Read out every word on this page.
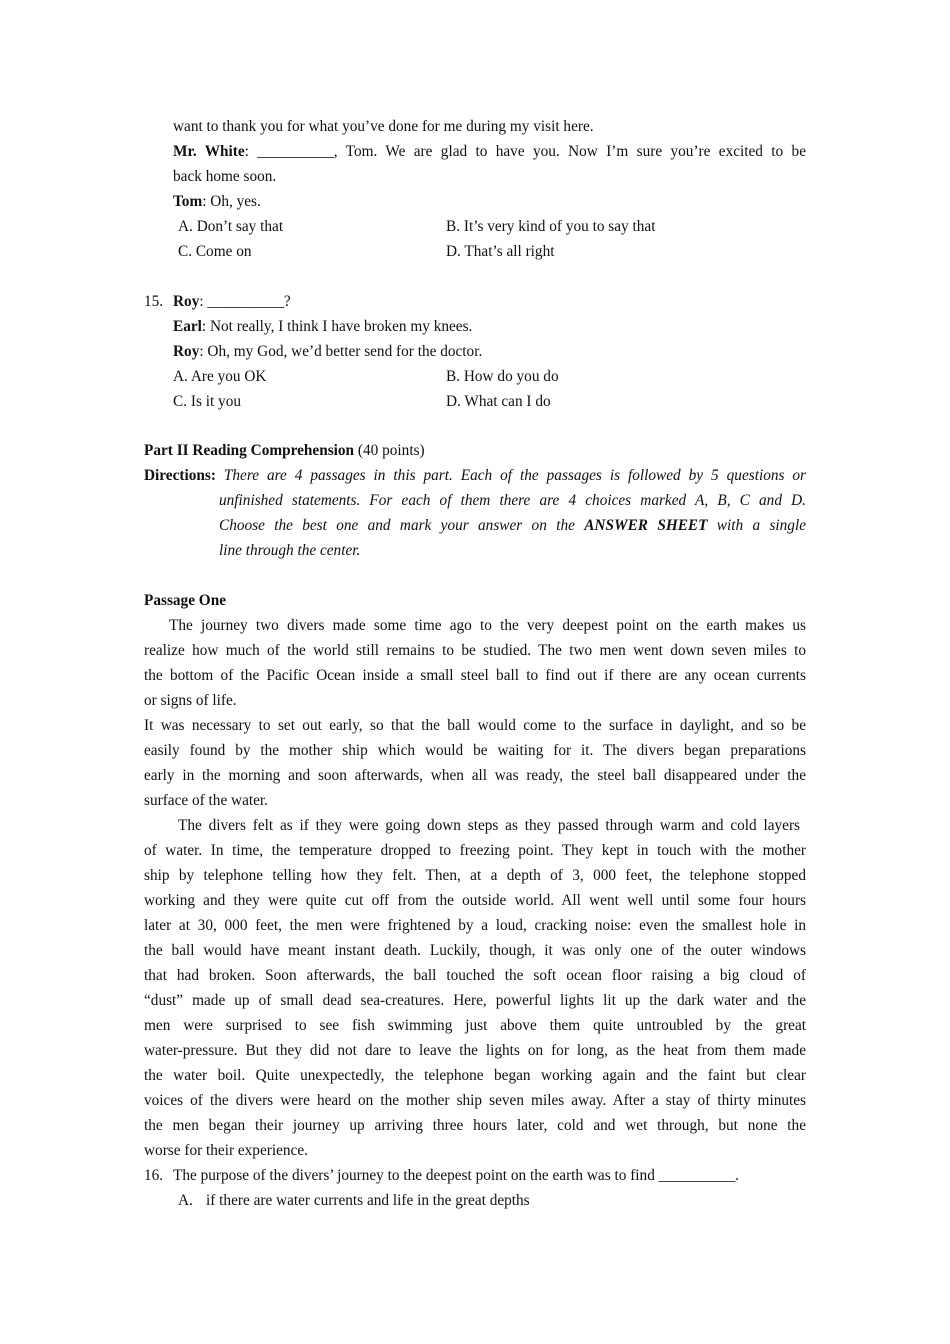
want to thank you for what you’ve done for me during my visit here.
Mr. White: __________, Tom. We are glad to have you. Now I’m sure you’re excited to be
back home soon.
Tom: Oh, yes.
A. Don’t say that	B. It’s very kind of you to say that
C. Come on	D. That’s all right
15. Roy: __________?
Earl: Not really, I think I have broken my knees.
Roy: Oh, my God, we’d better send for the doctor.
A. Are you OK	B. How do you do
C. Is it you	D. What can I do
Part II Reading Comprehension (40 points)
Directions: There are 4 passages in this part. Each of the passages is followed by 5 questions or
unfinished statements. For each of them there are 4 choices marked A, B, C and D.
Choose the best one and mark your answer on the ANSWER SHEET with a single
line through the center.
Passage One
The journey two divers made some time ago to the very deepest point on the earth makes us
realize how much of the world still remains to be studied. The two men went down seven miles to
the bottom of the Pacific Ocean inside a small steel ball to find out if there are any ocean currents
or signs of life.
It was necessary to set out early, so that the ball would come to the surface in daylight, and so be
easily found by the mother ship which would be waiting for it. The divers began preparations
early in the morning and soon afterwards, when all was ready, the steel ball disappeared under the
surface of the water.
The divers felt as if they were going down steps as they passed through warm and cold layers
of water. In time, the temperature dropped to freezing point. They kept in touch with the mother
ship by telephone telling how they felt. Then, at a depth of 3, 000 feet, the telephone stopped
working and they were quite cut off from the outside world. All went well until some four hours
later at 30, 000 feet, the men were frightened by a loud, cracking noise: even the smallest hole in
the ball would have meant instant death. Luckily, though, it was only one of the outer windows
that had broken. Soon afterwards, the ball touched the soft ocean floor raising a big cloud of
“dust” made up of small dead sea-creatures. Here, powerful lights lit up the dark water and the
men were surprised to see fish swimming just above them quite untroubled by the great
water-pressure. But they did not dare to leave the lights on for long, as the heat from them made
the water boil. Quite unexpectedly, the telephone began working again and the faint but clear
voices of the divers were heard on the mother ship seven miles away. After a stay of thirty minutes
the men began their journey up arriving three hours later, cold and wet through, but none the
worse for their experience.
16. The purpose of the divers’ journey to the deepest point on the earth was to find __________.
A. if there are water currents and life in the great depths
